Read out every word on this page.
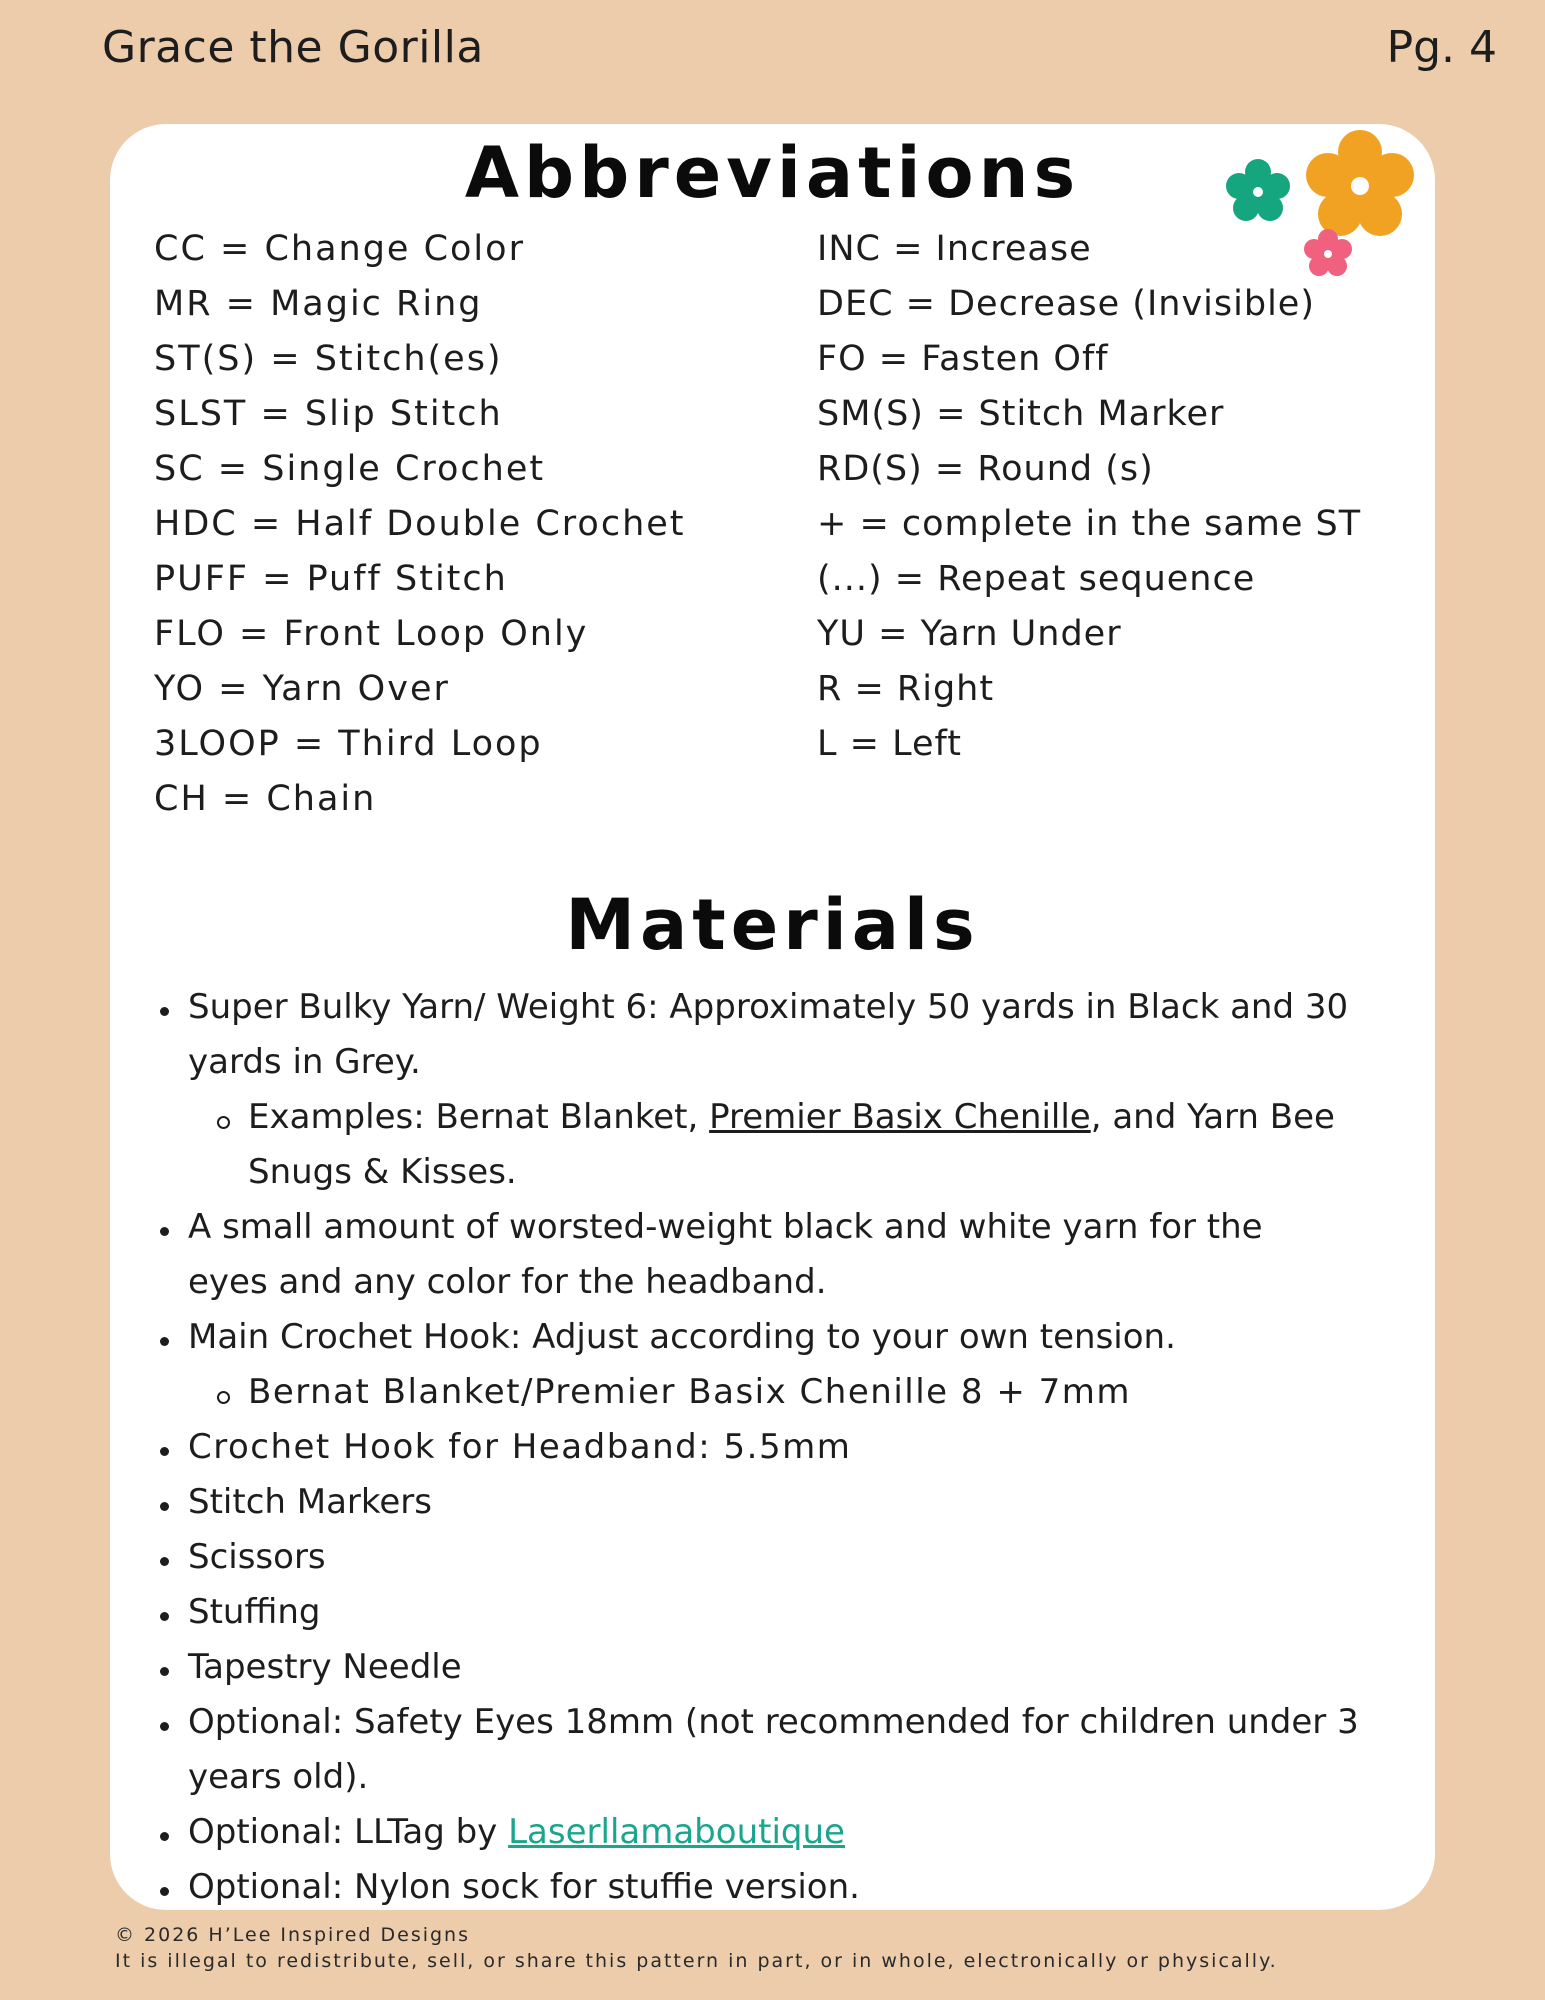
Grace the Gorilla	Pg. 4
Abbreviations
CC = Change Color
MR = Magic Ring
ST(S) = Stitch(es)
SLST = Slip Stitch
SC = Single Crochet
HDC = Half Double Crochet
PUFF = Puff Stitch
FLO = Front Loop Only
YO = Yarn Over
3LOOP = Third Loop
CH = Chain
INC = Increase
DEC = Decrease (Invisible)
FO = Fasten Off
SM(S) = Stitch Marker
RD(S) = Round (s)
+ = complete in the same ST
(...) = Repeat sequence
YU = Yarn Under
R = Right
L = Left
Materials
Super Bulky Yarn/ Weight 6: Approximately 50 yards in Black and 30
yards in Grey.
Examples: Bernat Blanket, Premier Basix Chenille, and Yarn Bee
Snugs & Kisses.
A small amount of worsted-weight black and white yarn for the
eyes and any color for the headband.
Main Crochet Hook: Adjust according to your own tension.
Bernat Blanket/Premier Basix Chenille 8 + 7mm
Crochet Hook for Headband: 5.5mm
Stitch Markers
Scissors
Stuffing
Tapestry Needle
Optional: Safety Eyes 18mm (not recommended for children under 3
years old).
Optional: LLTag by Laserllamaboutique
Optional: Nylon sock for stuffie version.
© 2026 H’Lee Inspired Designs
It is illegal to redistribute, sell, or share this pattern in part, or in whole, electronically or physically.
